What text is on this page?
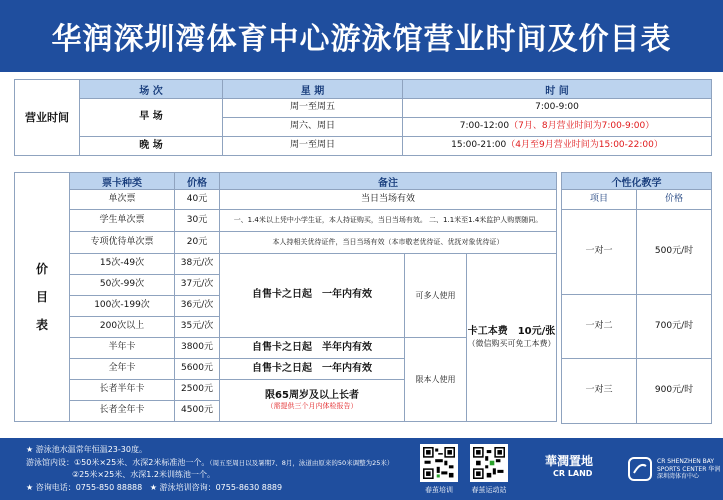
华润深圳湾体育中心游泳馆营业时间及价目表
营业时间	场 次	星 期	时 间
	早 场	周一至周五	7:00-9:00
		周六、周日	7:00-12:00（7月、8月营业时间为7:00-9:00）
	晚 场	周一至周日	15:00-21:00（4月至9月营业时间为15:00-22:00）
价
目
表	票卡种类	价格	备注		
	单次票	40元	当日当场有效		
	学生单次票	30元	一、1.4米以上凭中小学生证，本人持证购买，当日当场有效。 二、1.1米至1.4米监护人购票随同。		
	专项优待单次票	20元	本人持相关优待证件，当日当场有效（本市敬老优待证、优抚对象优待证）		
	15次-49次	38元/次	自售卡之日起　一年内有效	可多人使用	卡工本费　10元/张
（微信购买可免工本费）

	50次-99次	37元/次			
	100次-199次	36元/次			
	200次以上	35元/次			
	半年卡	3800元	自售卡之日起　半年内有效	限本人使用	
	全年卡	5600元	自售卡之日起　一年内有效		
	长者半年卡	2500元	限65周岁及以上长者
（需提供三个月内体检报告）		

	长者全年卡	4500元			
个性化教学	
项目	价格
一对一	500元/时
一对二	700元/时
一对三	900元/时
★ 游泳池水温常年恒温23-30度。
游泳馆内设：①50米×25米、水深2米标准池一个。（周五至周日以及暑期7、8月，泳道由原来的50米调整为25米）
②25米×25米、水深1.2米训练池一个。
★ 咨询电话：0755-850 88888   ★ 游泳培训咨询：0755-8630 8889	春茧培训	春茧运动站
華潤置地
CR LAND
CR SHENZHEN BAY SPORTS CENTER 华润深圳湾体育中心
